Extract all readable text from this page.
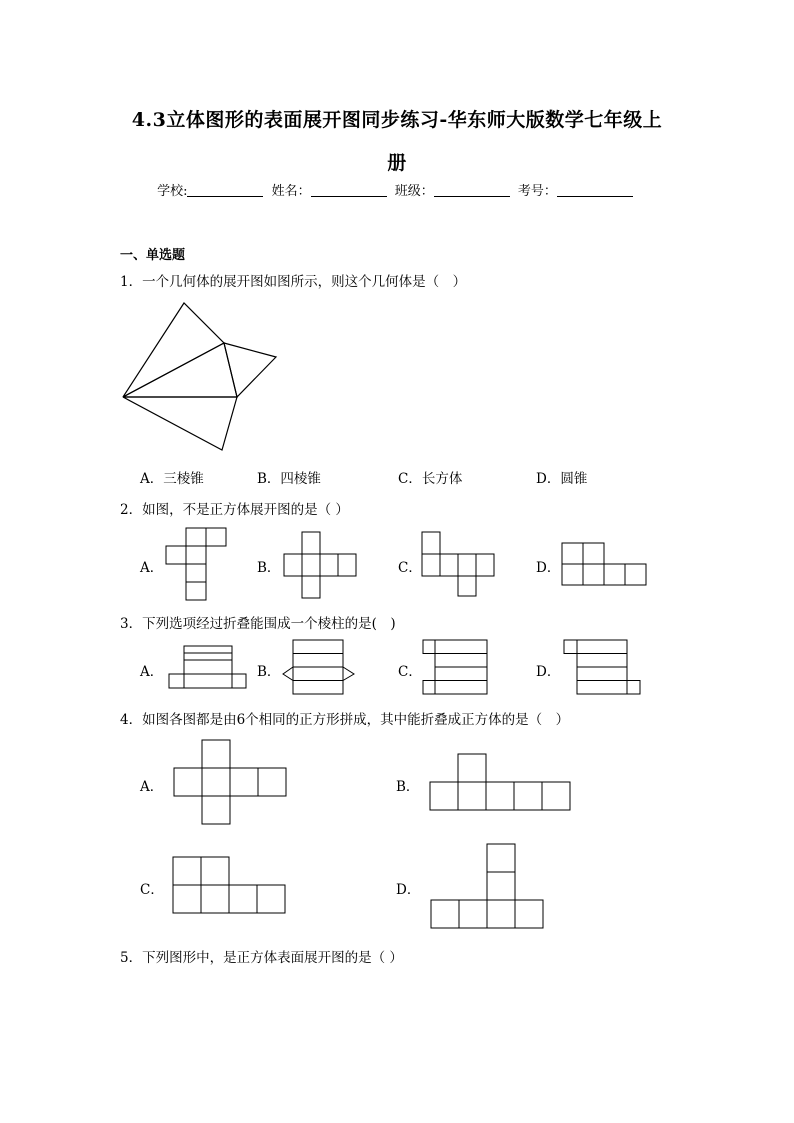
4.3立体图形的表面展开图同步练习-华东师大版数学七年级上
册
学校:	姓名：	班级：	考号：
一、单选题
1．一个几何体的展开图如图所示，则这个几何体是（　）
A．三棱锥	B．四棱锥	C．长方体	D．圆锥
2．如图，不是正方体展开图的是（ ）
A．	B．	C．	D．
3．下列选项经过折叠能围成一个棱柱的是(　)
A．	B．	C．	D．
4．如图各图都是由6个相同的正方形拼成，其中能折叠成正方体的是（　）
A．	B．
C．	D．
5．下列图形中，是正方体表面展开图的是（ ）
